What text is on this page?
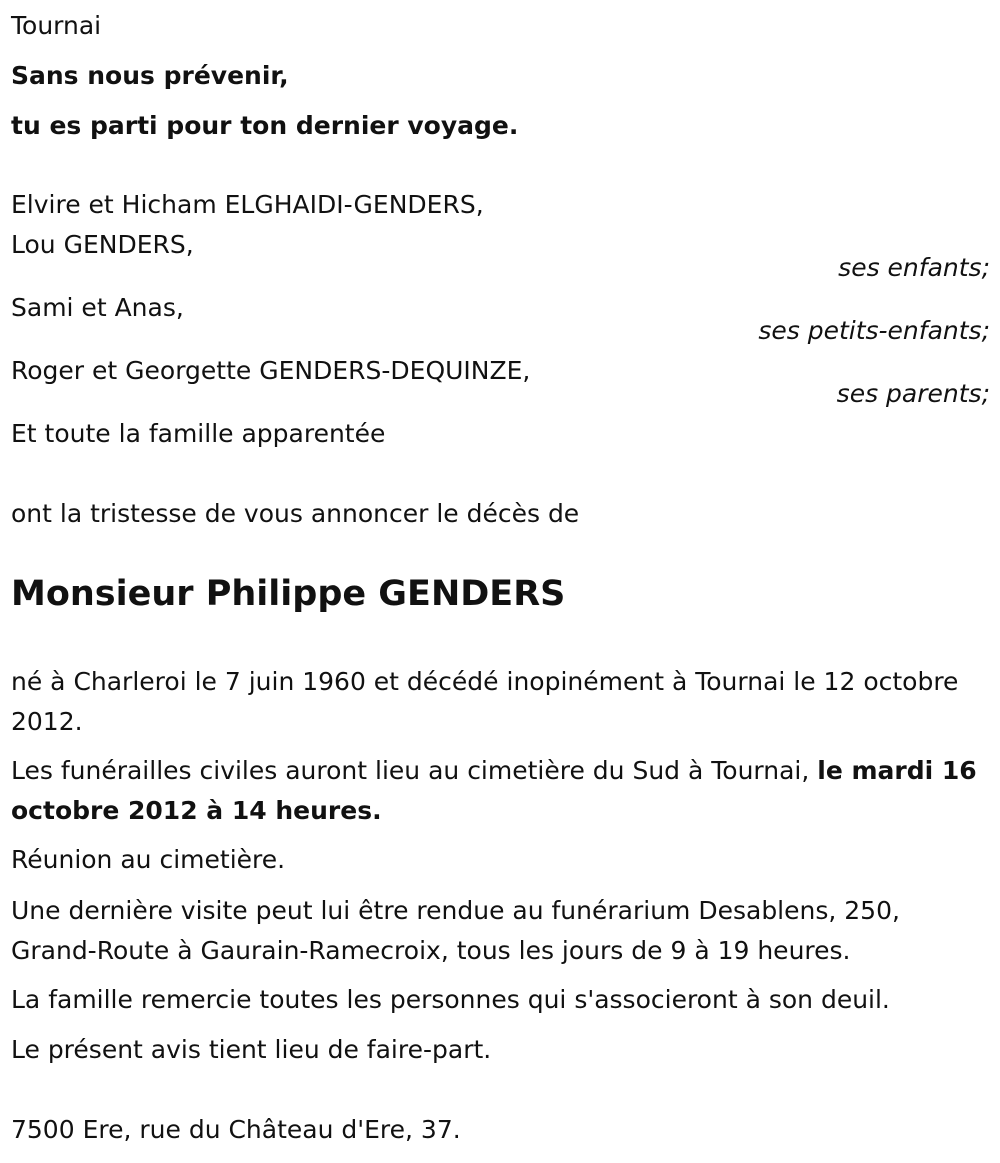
Tournai
Sans nous prévenir,
tu es parti pour ton dernier voyage.
Elvire et Hicham ELGHAIDI-GENDERS,
Lou GENDERS,
ses enfants;
Sami et Anas,
ses petits-enfants;
Roger et Georgette GENDERS-DEQUINZE,
ses parents;
Et toute la famille apparentée
ont la tristesse de vous annoncer le décès de
Monsieur Philippe GENDERS
né à Charleroi le 7 juin 1960 et décédé inopinément à Tournai le 12 octobre 2012.
Les funérailles civiles auront lieu au cimetière du Sud à Tournai, le mardi 16 octobre 2012 à 14 heures.
Réunion au cimetière.
Une dernière visite peut lui être rendue au funérarium Desablens, 250, Grand-Route à Gaurain-Ramecroix, tous les jours de 9 à 19 heures.
La famille remercie toutes les personnes qui s'associeront à son deuil.
Le présent avis tient lieu de faire-part.
7500 Ere, rue du Château d'Ere, 37.
